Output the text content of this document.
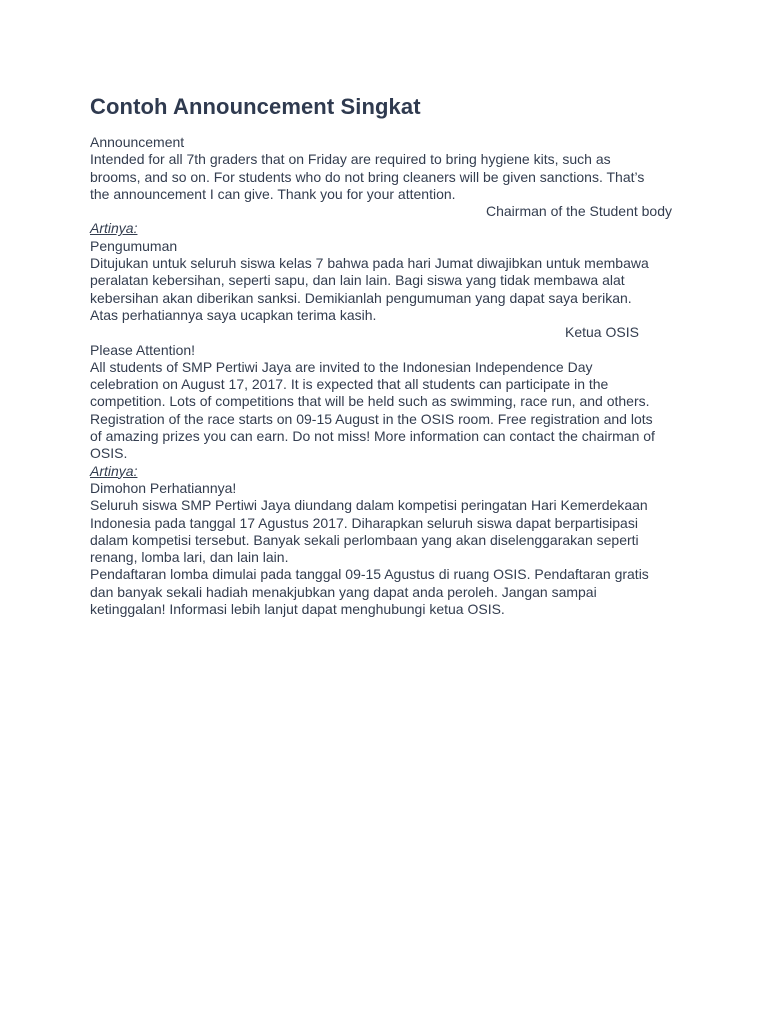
Contoh Announcement Singkat
Announcement

Intended for all 7th graders that on Friday are required to bring hygiene kits, such as
brooms, and so on. For students who do not bring cleaners will be given sanctions. That’s
the announcement I can give. Thank you for your attention.

Chairman of the Student body
Artinya:
Pengumuman

Ditujukan untuk seluruh siswa kelas 7 bahwa pada hari Jumat diwajibkan untuk membawa
peralatan kebersihan, seperti sapu, dan lain lain. Bagi siswa yang tidak membawa alat
kebersihan akan diberikan sanksi. Demikianlah pengumuman yang dapat saya berikan.
Atas perhatiannya saya ucapkan terima kasih.

Ketua OSIS
Please Attention!

All students of SMP Pertiwi Jaya are invited to the Indonesian Independence Day
celebration on August 17, 2017. It is expected that all students can participate in the
competition. Lots of competitions that will be held such as swimming, race run, and others.
Registration of the race starts on 09-15 August in the OSIS room. Free registration and lots
of amazing prizes you can earn. Do not miss! More information can contact the chairman of
OSIS.

Artinya:
Dimohon Perhatiannya!

Seluruh siswa SMP Pertiwi Jaya diundang dalam kompetisi peringatan Hari Kemerdekaan
Indonesia pada tanggal 17 Agustus 2017. Diharapkan seluruh siswa dapat berpartisipasi
dalam kompetisi tersebut. Banyak sekali perlombaan yang akan diselenggarakan seperti
renang, lomba lari, dan lain lain.
Pendaftaran lomba dimulai pada tanggal 09-15 Agustus di ruang OSIS. Pendaftaran gratis
dan banyak sekali hadiah menakjubkan yang dapat anda peroleh. Jangan sampai
ketinggalan! Informasi lebih lanjut dapat menghubungi ketua OSIS.
